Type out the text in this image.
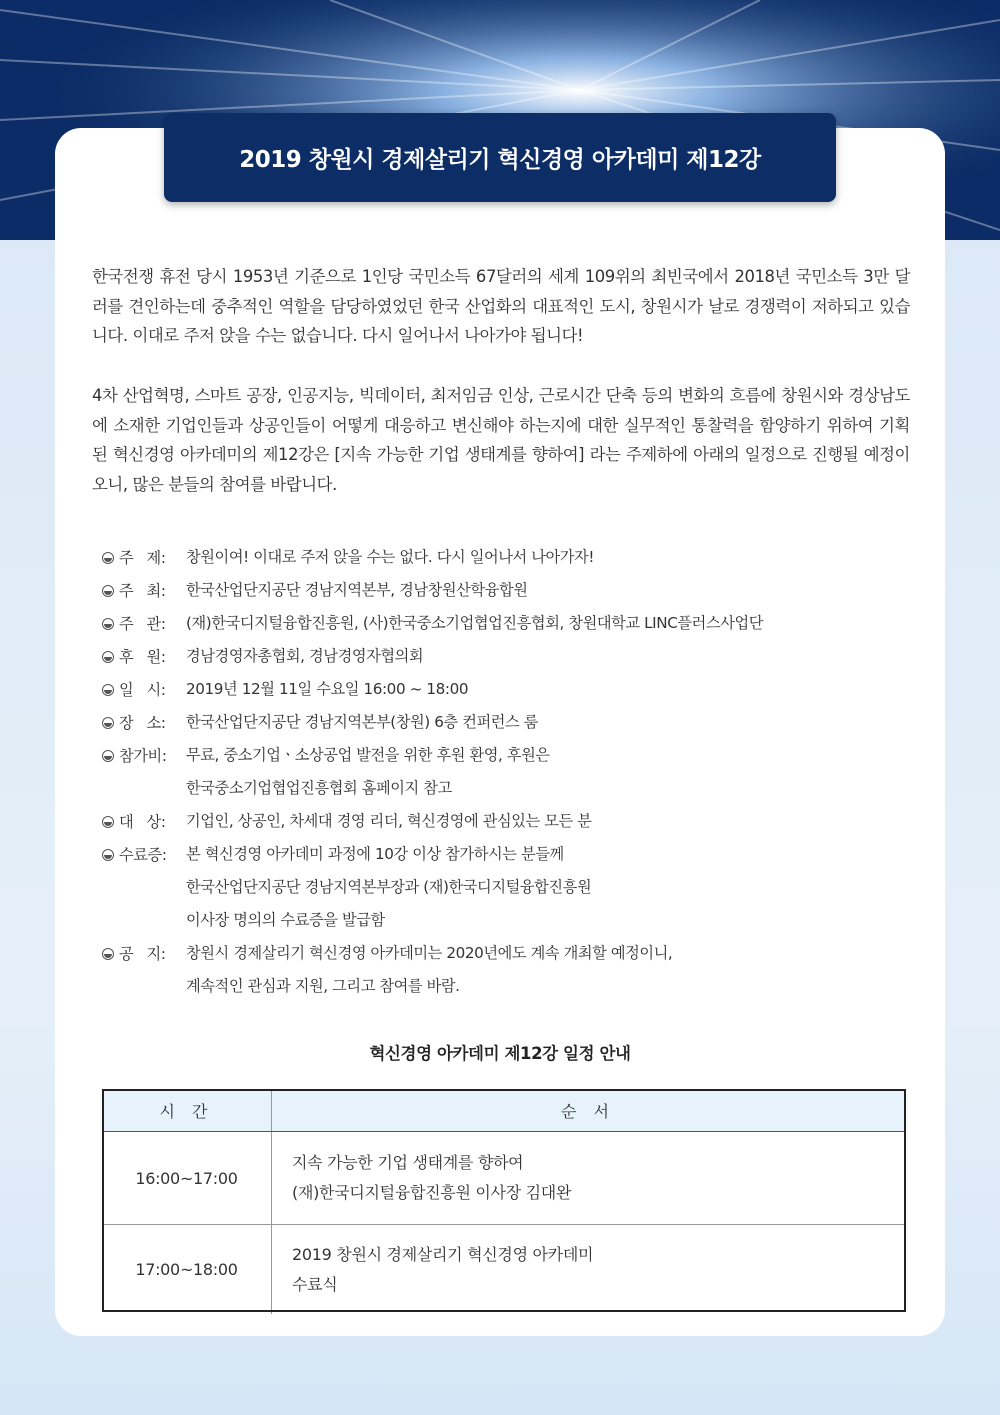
2019 창원시 경제살리기 혁신경영 아카데미 제12강

한국전쟁 휴전 당시 1953년 기준으로 1인당 국민소득 67달러의 세계 109위의 최빈국에서 2018년 국민소득 3만 달러를 견인하는데 중추적인 역할을 담당하였었던 한국 산업화의 대표적인 도시, 창원시가 날로 경쟁력이 저하되고 있습니다. 이대로 주저 앉을 수는 없습니다. 다시 일어나서 나아가야 됩니다!

4차 산업혁명, 스마트 공장, 인공지능, 빅데이터, 최저임금 인상, 근로시간 단축 등의 변화의 흐름에 창원시와 경상남도에 소재한 기업인들과 상공인들이 어떻게 대응하고 변신해야 하는지에 대한 실무적인 통찰력을 함양하기 위하여 기획된 혁신경영 아카데미의 제12강은 [지속 가능한 기업 생태계를 향하여] 라는 주제하에 아래의 일정으로 진행될 예정이오니, 많은 분들의 참여를 바랍니다.

주   제: 창원이여! 이대로 주저 앉을 수는 없다. 다시 일어나서 나아가자!
주   최: 한국산업단지공단 경남지역본부, 경남창원산학융합원
주   관: (재)한국디지털융합진흥원, (사)한국중소기업협업진흥협회, 창원대학교 LINC플러스사업단
후   원: 경남경영자총협회, 경남경영자협의회
일   시: 2019년 12월 11일 수요일 16:00 ~ 18:00
장   소: 한국산업단지공단 경남지역본부(창원) 6층 컨퍼런스 룸
참가비: 무료, 중소기업ㆍ소상공업 발전을 위한 후원 환영, 후원은
한국중소기업협업진흥협회 홈페이지 참고
대   상: 기업인, 상공인, 차세대 경영 리더, 혁신경영에 관심있는 모든 분
수료증: 본 혁신경영 아카데미 과정에 10강 이상 참가하시는 분들께
한국산업단지공단 경남지역본부장과 (재)한국디지털융합진흥원
이사장 명의의 수료증을 발급함
공   지: 창원시 경제살리기 혁신경영 아카데미는 2020년에도 계속 개최할 예정이니,
계속적인 관심과 지원, 그리고 참여를 바람.
혁신경영 아카데미 제12강 일정 안내
시 간	순 서
16:00~17:00	지속 가능한 기업 생태계를 향하여
(재)한국디지털융합진흥원 이사장 김대완

17:00~18:00	2019 창원시 경제살리기 혁신경영 아카데미
수료식
